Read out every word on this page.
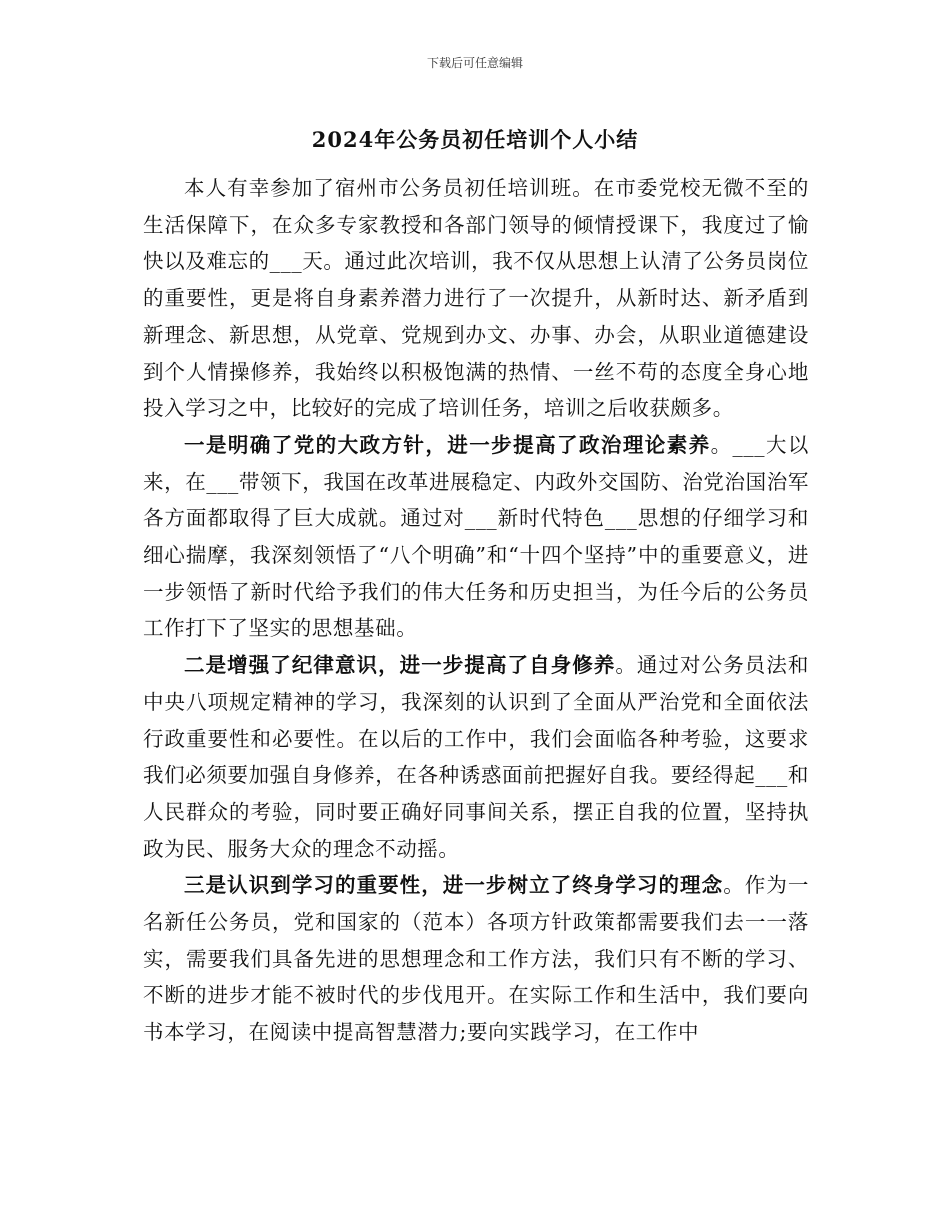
下载后可任意编辑
2024年公务员初任培训个人小结

本人有幸参加了宿州市公务员初任培训班。在市委党校无微不至的生活保障下，在众多专家教授和各部门领导的倾情授课下，我度过了愉快以及难忘的___天。通过此次培训，我不仅从思想上认清了公务员岗位的重要性，更是将自身素养潜力进行了一次提升，从新时达、新矛盾到新理念、新思想，从党章、党规到办文、办事、办会，从职业道德建设到个人情操修养，我始终以积极饱满的热情、一丝不苟的态度全身心地投入学习之中，比较好的完成了培训任务，培训之后收获颇多。

一是明确了党的大政方针，进一步提高了政治理论素养。___大以来，在___带领下，我国在改革进展稳定、内政外交国防、治党治国治军各方面都取得了巨大成就。通过对___新时代特色___思想的仔细学习和细心揣摩，我深刻领悟了“八个明确”和“十四个坚持”中的重要意义，进一步领悟了新时代给予我们的伟大任务和历史担当，为任今后的公务员工作打下了坚实的思想基础。

二是增强了纪律意识，进一步提高了自身修养。通过对公务员法和中央八项规定精神的学习，我深刻的认识到了全面从严治党和全面依法行政重要性和必要性。在以后的工作中，我们会面临各种考验，这要求我们必须要加强自身修养，在各种诱惑面前把握好自我。要经得起___和人民群众的考验，同时要正确好同事间关系，摆正自我的位置，坚持执政为民、服务大众的理念不动摇。

三是认识到学习的重要性，进一步树立了终身学习的理念。作为一名新任公务员，党和国家的（范本）各项方针政策都需要我们去一一落实，需要我们具备先进的思想理念和工作方法，我们只有不断的学习、不断的进步才能不被时代的步伐甩开。在实际工作和生活中，我们要向书本学习，在阅读中提高智慧潜力;要向实践学习，在工作中
